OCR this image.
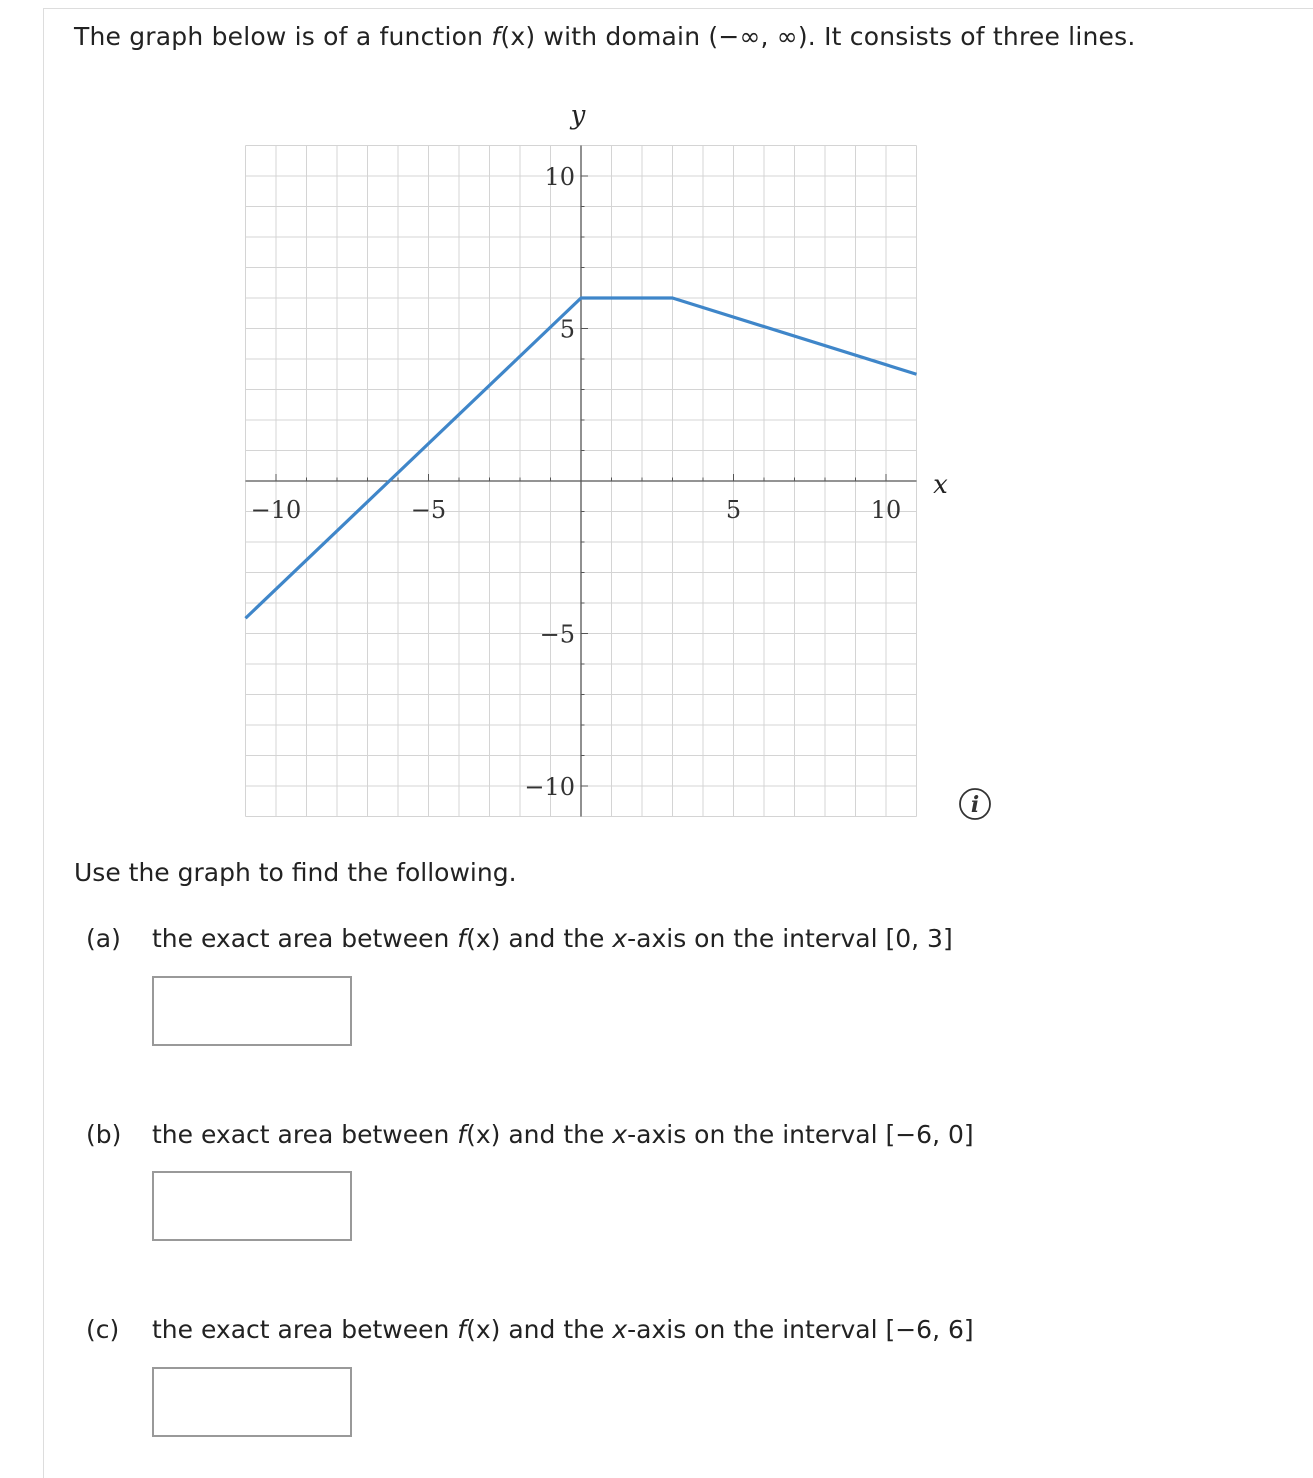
The graph below is of a function f(x) with domain (−∞, ∞). It consists of three lines.
−10	−5	5	10
10
5
−5
−10
x
y
i
Use the graph to find the following.
(a) the exact area between f(x) and the x-axis on the interval [0, 3]
(b) the exact area between f(x) and the x-axis on the interval [−6, 0]
(c) the exact area between f(x) and the x-axis on the interval [−6, 6]
